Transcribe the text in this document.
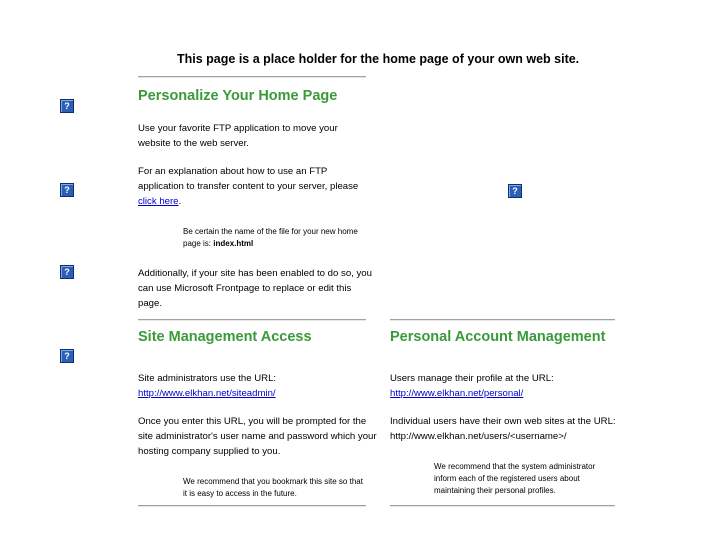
This page is a place holder for the home page of your own web site.
?
?
?
?
?
Personalize Your Home Page
Use your favorite FTP application to move your website to the web server.
For an explanation about how to use an FTP application to transfer content to your server, please click here.
Be certain the name of the file for your new home page is: index.html
Additionally, if your site has been enabled to do so, you can use Microsoft Frontpage to replace or edit this page.
Site Management Access
Site administrators use the URL:
http://www.elkhan.net/siteadmin/
Once you enter this URL, you will be prompted for the site administrator's user name and password which your hosting company supplied to you.
We recommend that you bookmark this site so that it is easy to access in the future.
Personal Account Management
Users manage their profile at the URL:
http://www.elkhan.net/personal/
Individual users have their own web sites at the URL: http://www.elkhan.net/users/<username>/
We recommend that the system administrator inform each of the registered users about maintaining their personal profiles.
